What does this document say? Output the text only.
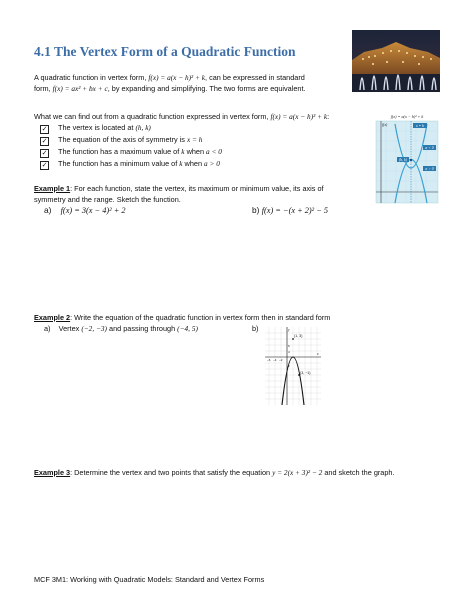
4.1 The Vertex Form of a Quadratic Function
A quadratic function in vertex form, f(x) = a(x − h)² + k, can be expressed in standard
form, f(x) = ax² + bx + c, by expanding and simplifying. The two forms are equivalent.
What we can find out from a quadratic function expressed in vertex form, f(x) = a(x − h)² + k:
✓ The vertex is located at (h, k)
✓ The equation of the axis of symmetry is x = h
✓ The function has a maximum value of k when a < 0
✓ The function has a minimum value of k when a > 0
f(x) = a(x − h)² + k
x = h
f(x)
a < 0
(h, k)
a > 0
Example 1: For each function, state the vertex, its maximum or minimum value, its axis of
symmetry and the range. Sketch the function.
a) f(x) = 3(x − 4)² + 2	b) f(x) = −(x + 2)² − 5
Example 2: Write the equation of the quadratic function in vertex form then in standard form
a) Vertex (−2, −3) and passing through (−4, 5)	b)
(1, 3)
(3, −1)
y
x
−6 −4 −2
6
4
2
Example 3: Determine the vertex and two points that satisfy the equation y = 2(x + 3)² − 2 and sketch the graph.
MCF 3M1: Working with Quadratic Models: Standard and Vertex Forms
